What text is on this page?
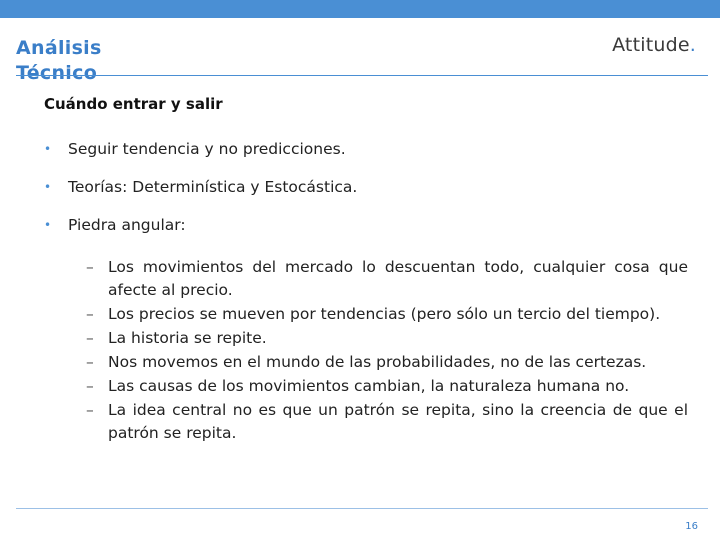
Análisis Técnico
Attitude.
Cuándo entrar y salir
• Seguir tendencia y no predicciones.
• Teorías: Determinística y Estocástica.
• Piedra angular:
– Los movimientos del mercado lo descuentan todo, cualquier cosa que afecte al precio.
– Los precios se mueven por tendencias (pero sólo un tercio del tiempo).
– La historia se repite.
– Nos movemos en el mundo de las probabilidades, no de las certezas.
– Las causas de los movimientos cambian, la naturaleza humana no.
– La idea central no es que un patrón se repita, sino la creencia de que el patrón se repita.
16
